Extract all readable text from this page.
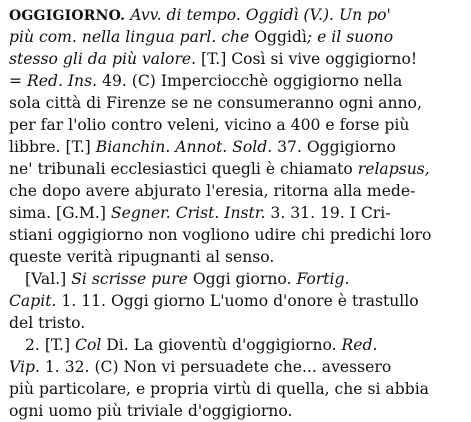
OGGIGIORNO. Avv. di tempo. Oggidì (V.). Un po'
più com. nella lingua parl. che Oggidì; e il suono
stesso gli da più valore. [T.] Così si vive oggigiorno!
= Red. Ins. 49. (C) Imperciocchè oggigiorno nella
sola città di Firenze se ne consumeranno ogni anno,
per far l'olio contro veleni, vicino a 400 e forse più
libbre. [T.] Bianchin. Annot. Sold. 37. Oggigiorno
ne' tribunali ecclesiastici quegli è chiamato relapsus,
che dopo avere abjurato l'eresia, ritorna alla mede-
sima. [G.M.] Segner. Crist. Instr. 3. 31. 19. I Cri-
stiani oggigiorno non vogliono udire chi predichi loro
queste verità ripugnanti al senso.
[Val.] Si scrisse pure Oggi giorno. Fortig.
Capit. 1. 11. Oggi giorno L'uomo d'onore è trastullo
del tristo.
2. [T.] Col Di. La gioventù d'oggigiorno. Red.
Vip. 1. 32. (C) Non vi persuadete che... avessero
più particolare, e propria virtù di quella, che si abbia
ogni uomo più triviale d'oggigiorno.
